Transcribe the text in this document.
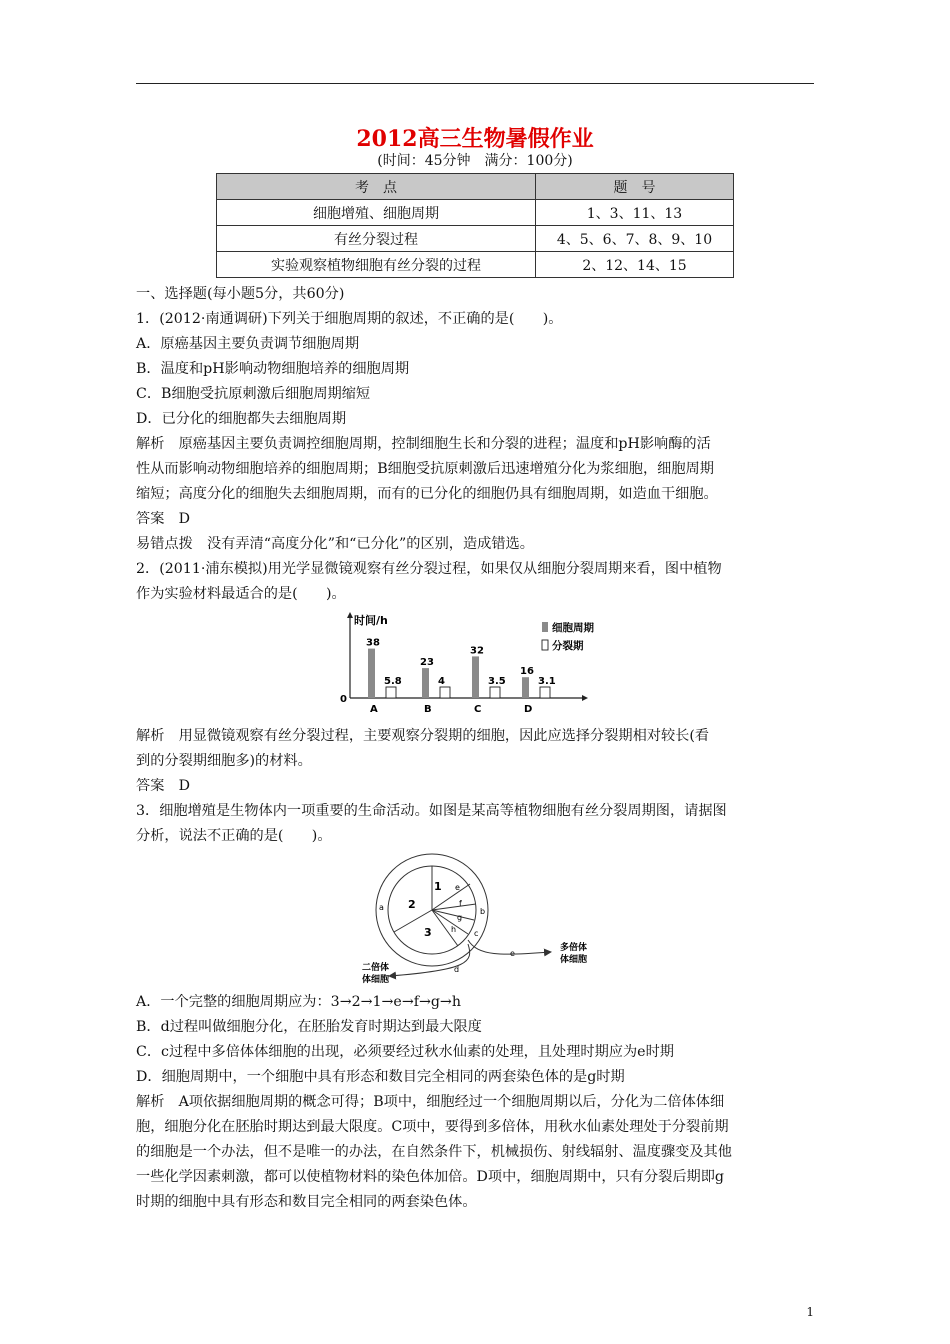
2012高三生物暑假作业
(时间：45分钟　满分：100分)
考　点	题　号
细胞增殖、细胞周期	1、3、11、13
有丝分裂过程	4、5、6、7、8、9、10
实验观察植物细胞有丝分裂的过程	2、12、14、15

一、选择题(每小题5分，共60分)

1．(2012·南通调研)下列关于细胞周期的叙述，不正确的是(　　)。

A．原癌基因主要负责调节细胞周期

B．温度和pH影响动物细胞培养的细胞周期

C．B细胞受抗原刺激后细胞周期缩短

D．已分化的细胞都失去细胞周期

解析　原癌基因主要负责调控细胞周期，控制细胞生长和分裂的进程；温度和pH影响酶的活

性从而影响动物细胞培养的细胞周期；B细胞受抗原刺激后迅速增殖分化为浆细胞，细胞周期

缩短；高度分化的细胞失去细胞周期，而有的已分化的细胞仍具有细胞周期，如造血干细胞。

答案　D

易错点拨　没有弄清“高度分化”和“已分化”的区别，造成错选。

2．(2011·浦东模拟)用光学显微镜观察有丝分裂过程，如果仅从细胞分裂周期来看，图中植物

作为实验材料最适合的是(　　)。

时间/h
0
38
5.8
A
23
4
B
32
3.5
C
16
3.1
D
细胞周期
分裂期

解析　用显微镜观察有丝分裂过程，主要观察分裂期的细胞，因此应选择分裂期相对较长(看

到的分裂期细胞多)的材料。

答案　D

3．细胞增殖是生物体内一项重要的生命活动。如图是某高等植物细胞有丝分裂周期图，请据图

分析，说法不正确的是(　　)。

1
2
3
e
f
g
h
a	b
c
e
d
多倍体
体细胞
二倍体
体细胞

A．一个完整的细胞周期应为：3→2→1→e→f→g→h

B．d过程叫做细胞分化，在胚胎发育时期达到最大限度

C．c过程中多倍体体细胞的出现，必须要经过秋水仙素的处理，且处理时期应为e时期

D．细胞周期中，一个细胞中具有形态和数目完全相同的两套染色体的是g时期

解析　A项依据细胞周期的概念可得；B项中，细胞经过一个细胞周期以后，分化为二倍体体细

胞，细胞分化在胚胎时期达到最大限度。C项中，要得到多倍体，用秋水仙素处理处于分裂前期

的细胞是一个办法，但不是唯一的办法，在自然条件下，机械损伤、射线辐射、温度骤变及其他

一些化学因素刺激，都可以使植物材料的染色体加倍。D项中，细胞周期中，只有分裂后期即g

时期的细胞中具有形态和数目完全相同的两套染色体。

1
